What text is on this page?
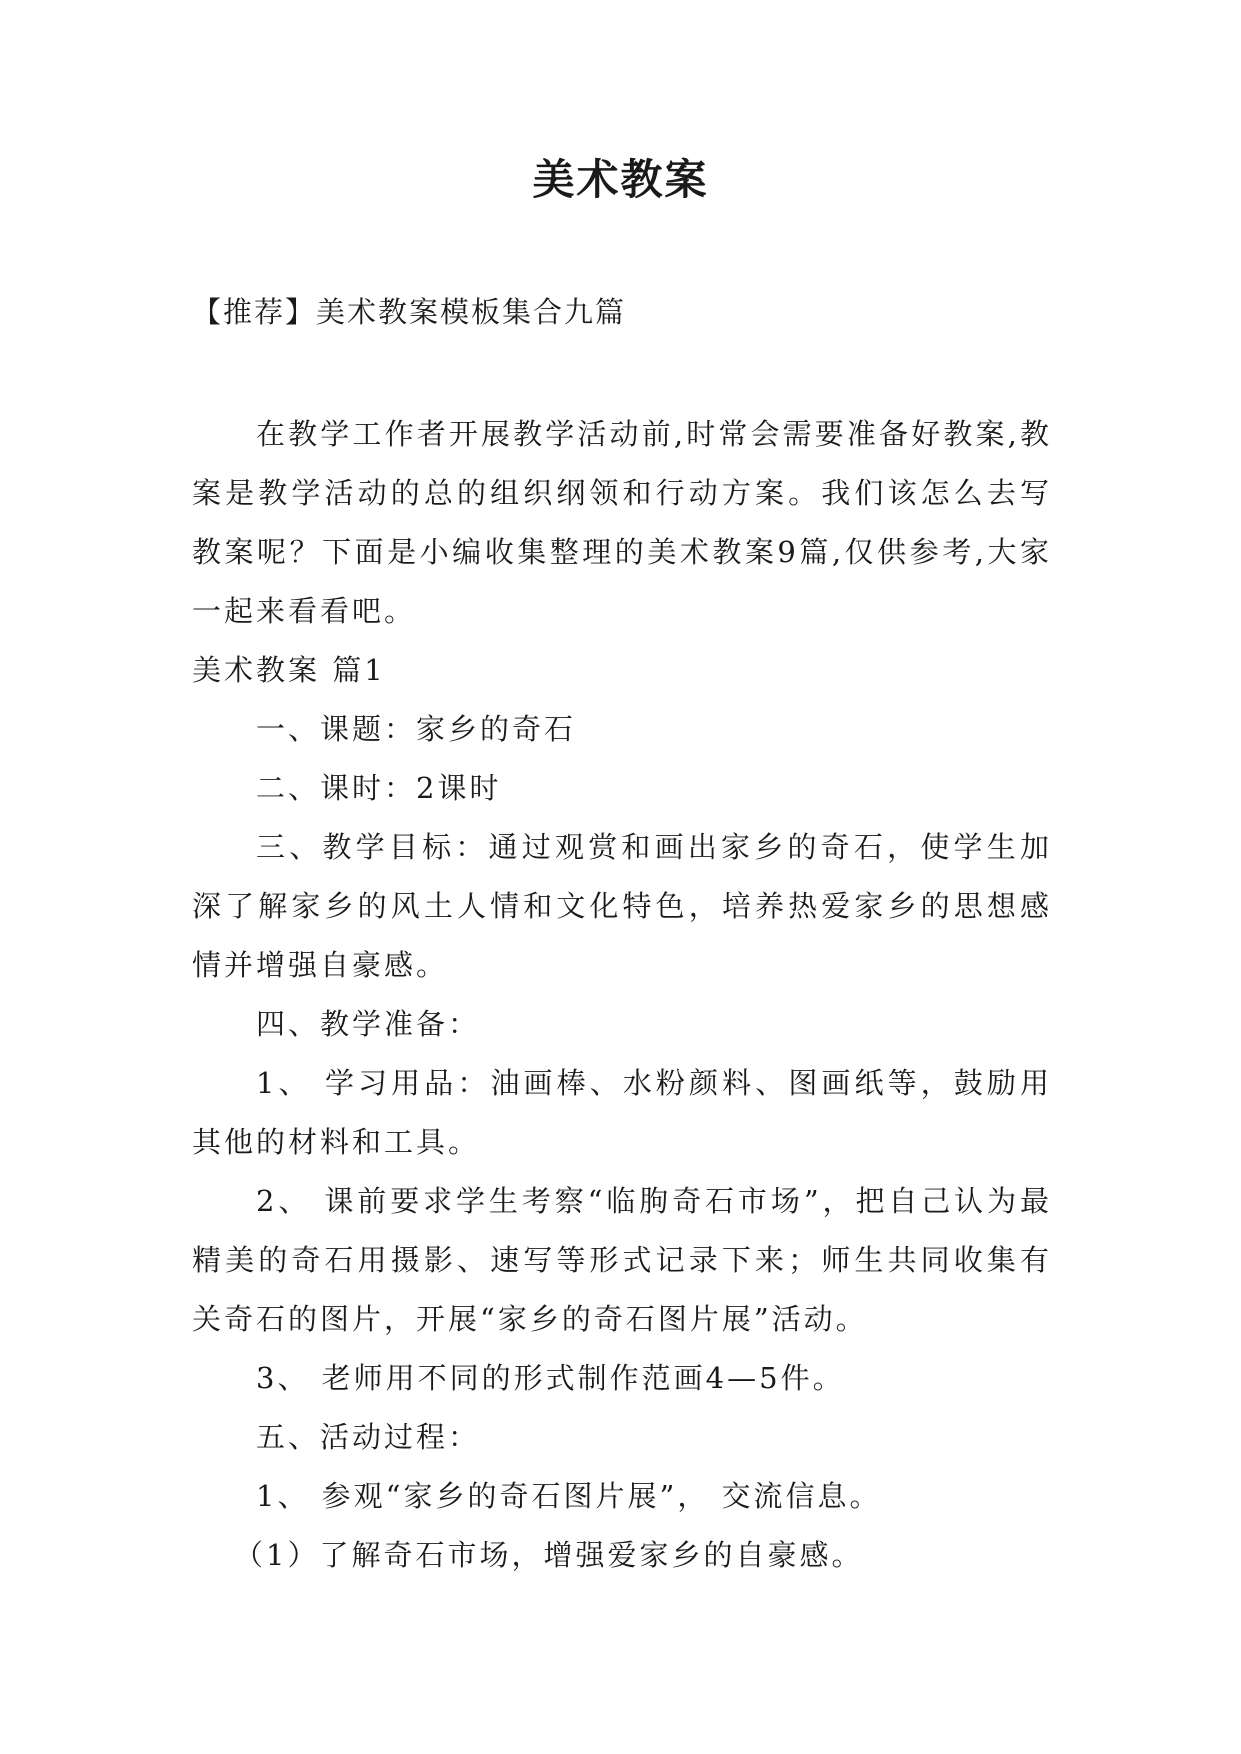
美术教案
【推荐】美术教案模板集合九篇

在教学工作者开展教学活动前,时常会需要准备好教案,教案是教学活动的总的组织纲领和行动方案。我们该怎么去写教案呢？下面是小编收集整理的美术教案9篇,仅供参考,大家一起来看看吧。

美术教案 篇1

一、课题：家乡的奇石

二、课时：2课时

三、教学目标：通过观赏和画出家乡的奇石，使学生加深了解家乡的风土人情和文化特色，培养热爱家乡的思想感情并增强自豪感。

四、教学准备：

1、 学习用品：油画棒、水粉颜料、图画纸等，鼓励用其他的材料和工具。

2、 课前要求学生考察“临朐奇石市场”，把自己认为最精美的奇石用摄影、速写等形式记录下来；师生共同收集有关奇石的图片，开展“家乡的奇石图片展”活动。

3、 老师用不同的形式制作范画4—5件。

五、活动过程：

1、 参观“家乡的奇石图片展”， 交流信息。

（1）了解奇石市场，增强爱家乡的自豪感。
